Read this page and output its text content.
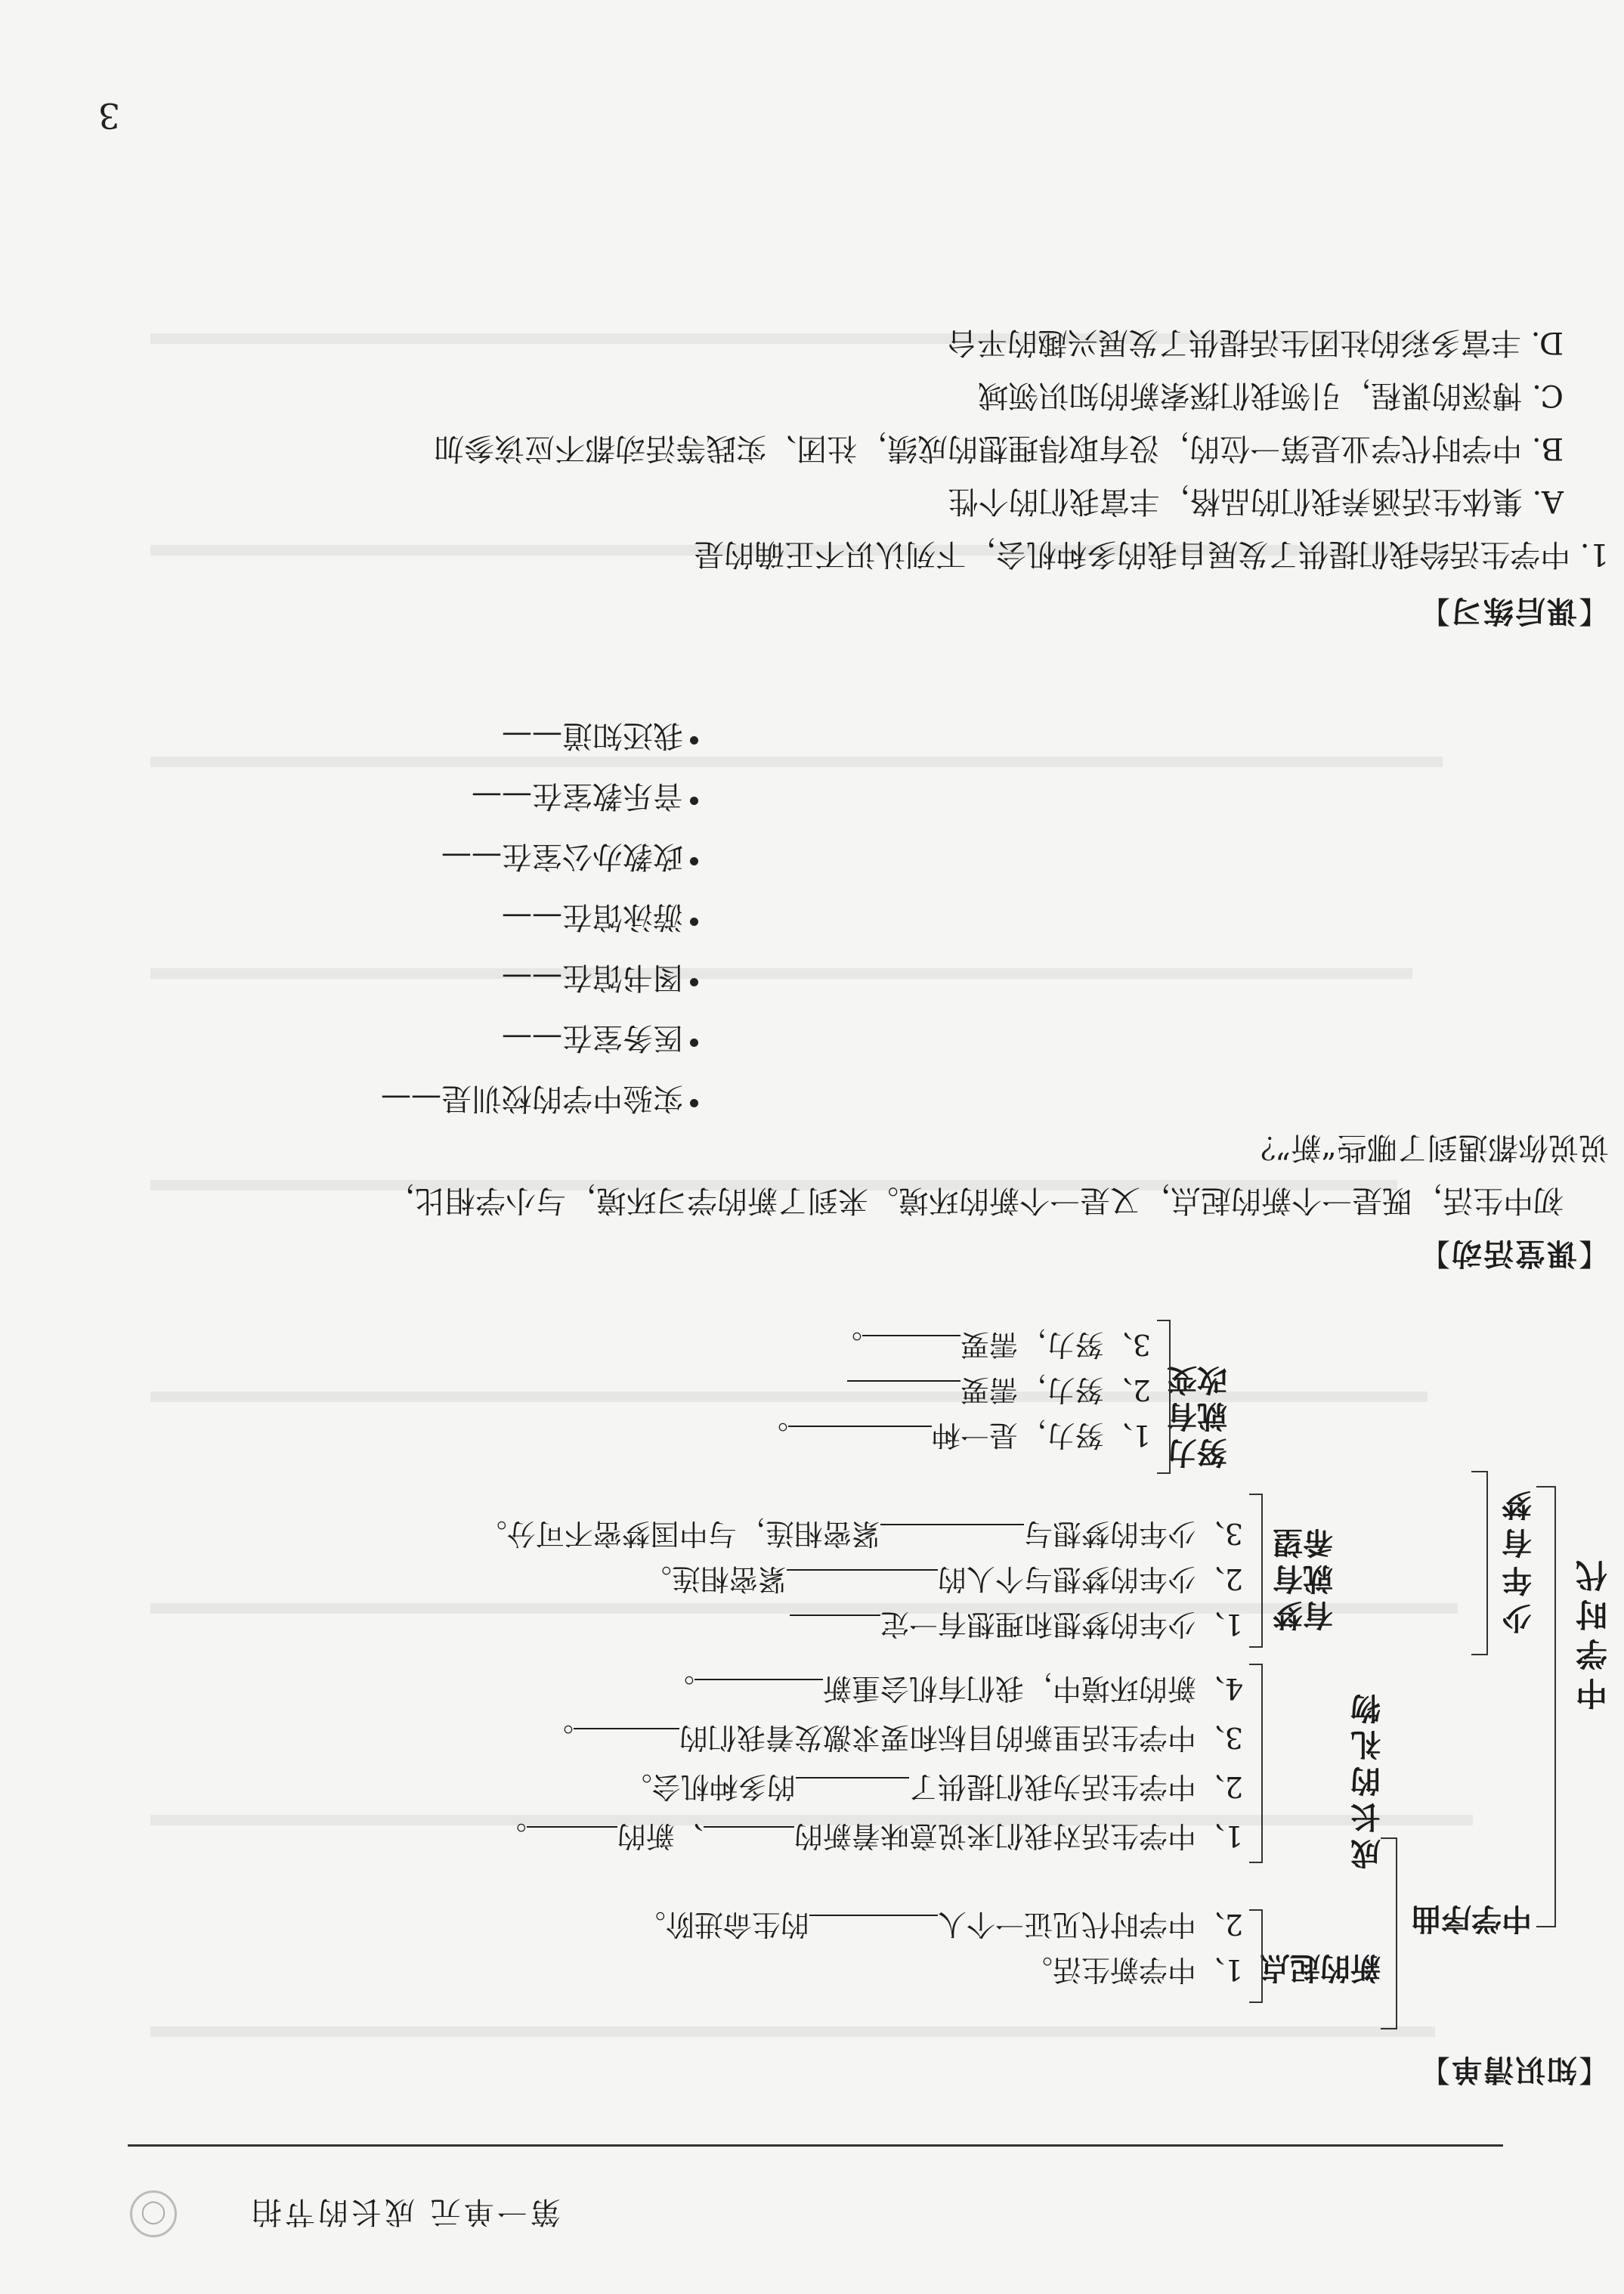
◯	第一单元 成长的节拍
【知识清单】
中学时代
中学序曲
新的起点
1、中学新生活。
2、中学时代见证一个人的生命进阶。
成长的礼物
1、中学生活对我们来说意味着新的、新的。
2、中学生活为我们提供了的多种机会。
3、中学生活里新的目标和要求激发着我们的。
4、新的环境中，我们有机会重新。
少年有梦
有梦就有希望
1、少年的梦想和理想有一定
2、少年的梦想与个人的紧密相连。
3、少年的梦想与紧密相连，与中国梦密不可分。
努力就有改变
1、努力，是一种。
2、努力，需要
3、努力，需要。
【课堂活动】
初中生活，既是一个新的起点，又是一个新的环境。来到了新的学习环境，与小学相比，
说说你都遇到了哪些“新”？
实验中学的校训是——
医务室在——
图书馆在——
游泳馆在——
政教办公室在——
音乐教室在——
我还知道——
【课后练习】
1. 中学生活给我们提供了发展自我的多种机会，下列认识不正确的是
A. 集体生活涵养我们的品格，丰富我们的个性
B. 中学时代学业是第一位的，没有取得理想的成绩，社团、实践等活动都不应该参加
C. 博深的课程，引领我们探索新的知识领域
D. 丰富多彩的社团生活提供了发展兴趣的平台
3
